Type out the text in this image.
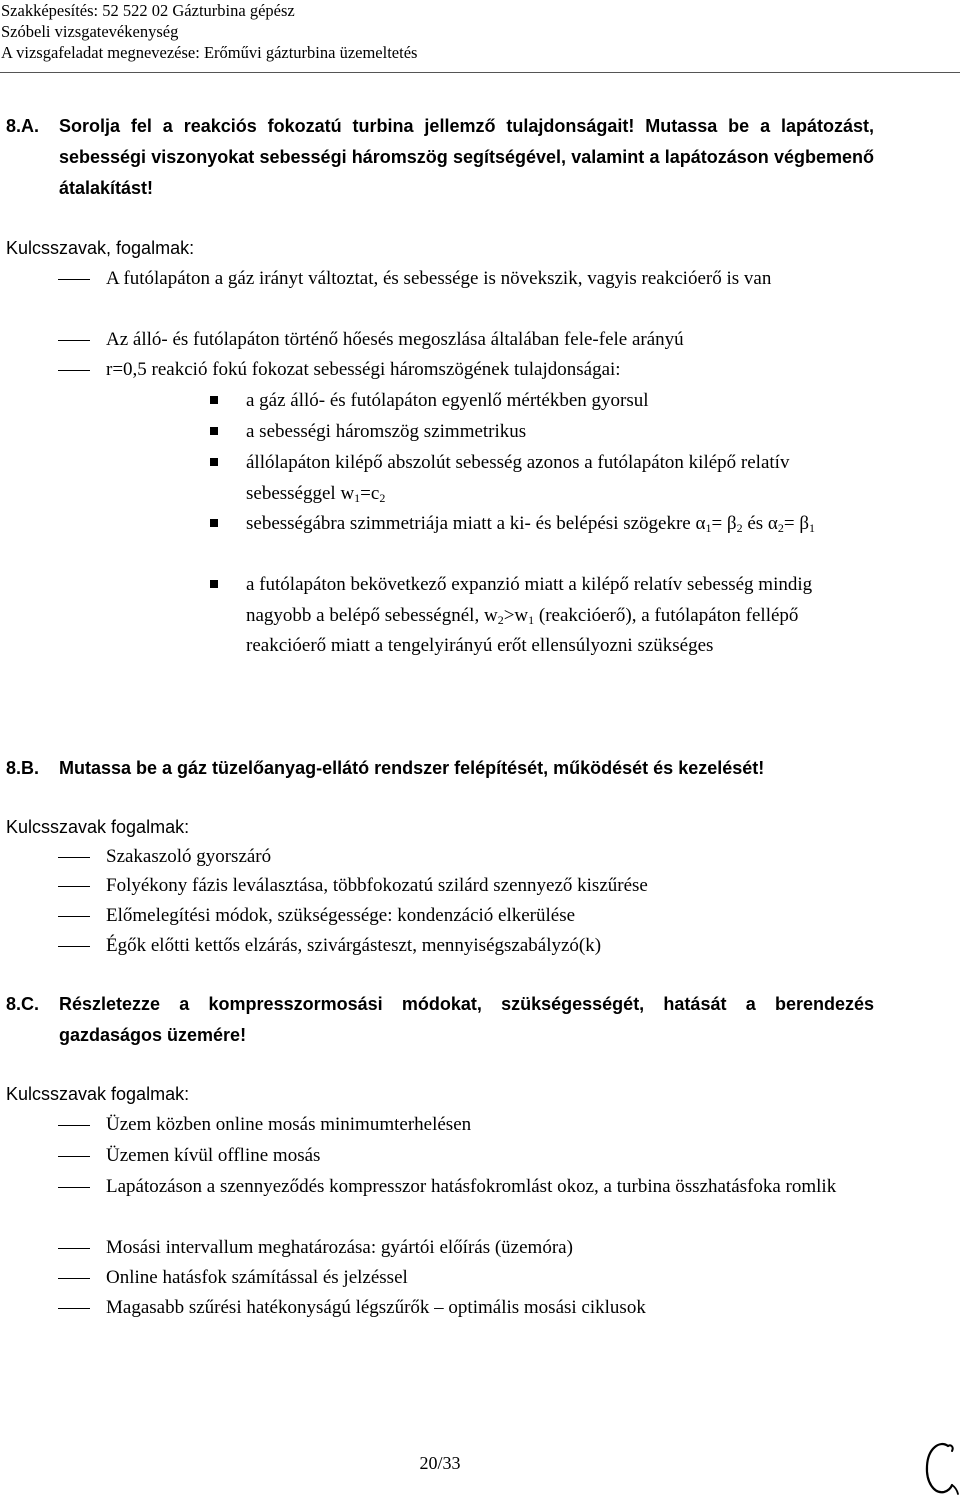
Szakképesítés: 52 522 02 Gázturbina gépész
Szóbeli vizsgatevékenység
A vizsgafeladat megnevezése: Erőművi gázturbina üzemeltetés
8.A. Sorolja fel a reakciós fokozatú turbina jellemző tulajdonságait! Mutassa be a lapátozást, sebességi viszonyokat sebességi háromszög segítségével, valamint a lapátozáson végbemenő átalakítást!
Kulcsszavak, fogalmak:
A futólapáton a gáz irányt változtat, és sebessége is növekszik, vagyis reakcióerő is van
Az álló- és futólapáton történő hőesés megoszlása általában fele-fele arányú
r=0,5 reakció fokú fokozat sebességi háromszögének tulajdonságai:
a gáz álló- és futólapáton egyenlő mértékben gyorsul
a sebességi háromszög szimmetrikus
állólapáton kilépő abszolút sebesség azonos a futólapáton kilépő relatív sebességgel $w_1=c_2$
sebességábra szimmetriája miatt a ki- és belépési szögekre $\alpha_1= \beta_2$ és $\alpha_2= \beta_1$
a futólapáton bekövetkező expanzió miatt a kilépő relatív sebesség mindig nagyobb a belépő sebességnél, $w_2>w_1$ (reakcióerő), a futólapáton fellépő reakcióerő miatt a tengelyirányú erőt ellensúlyozni szükséges
8.B. Mutassa be a gáz tüzelőanyag-ellátó rendszer felépítését, működését és kezelését!
Kulcsszavak fogalmak:
Szakaszoló gyorszáró
Folyékony fázis leválasztása, többfokozatú szilárd szennyező kiszűrése
Előmelegítési módok, szükségessége: kondenzáció elkerülése
Égők előtti kettős elzárás, szivárgásteszt, mennyiségszabályzó(k)
8.C. Részletezze a kompresszormosási módokat, szükségességét, hatását a berendezés gazdaságos üzemére!
Kulcsszavak fogalmak:
Üzem közben online mosás minimumterhelésen
Üzemen kívül offline mosás
Lapátozáson a szennyeződés kompresszor hatásfokromlást okoz, a turbina összhatásfoka romlik
Mosási intervallum meghatározása: gyártói előírás (üzemóra)
Online hatásfok számítással és jelzéssel
Magasabb szűrési hatékonyságú légszűrők – optimális mosási ciklusok
20/33
